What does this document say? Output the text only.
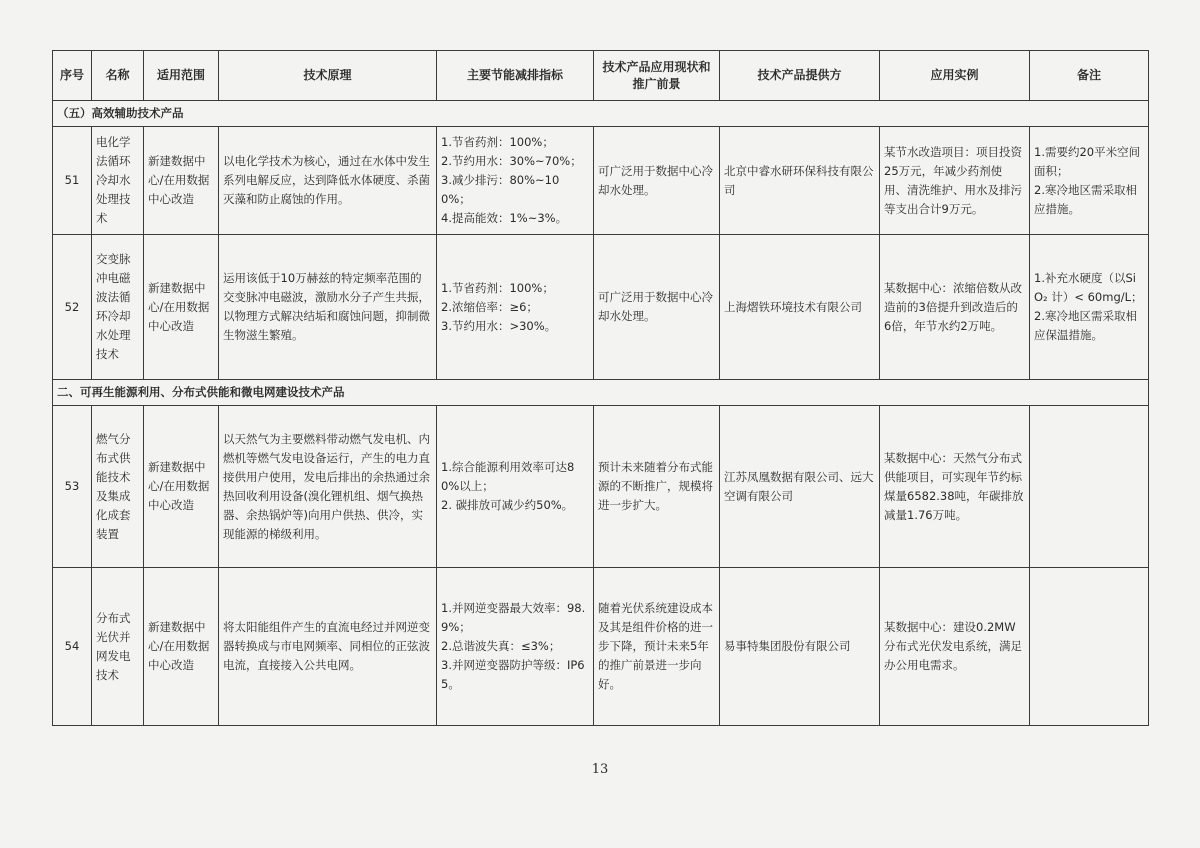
序号	名称	适用范围	技术原理	主要节能减排指标	技术产品应用现状和推广前景	技术产品提供方	应用实例	备注
（五）高效辅助技术产品								
51	电化学法循环冷却水处理技术	新建数据中心/在用数据中心改造	以电化学技术为核心，通过在水体中发生系列电解反应，达到降低水体硬度、杀菌灭藻和防止腐蚀的作用。	1.节省药剂：100%；
2.节约用水：30%~70%；
3.减少排污：80%~100%；
4.提高能效：1%~3%。	可广泛用于数据中心冷却水处理。	北京中睿水研环保科技有限公司	某节水改造项目：项目投资25万元，年减少药剂使用、清洗维护、用水及排污等支出合计9万元。	1.需要约20平米空间面积；
2.寒冷地区需采取相应措施。

52	交变脉冲电磁波法循环冷却水处理技术	新建数据中心/在用数据中心改造	运用该低于10万赫兹的特定频率范围的交变脉冲电磁波，激励水分子产生共振，以物理方式解决结垢和腐蚀问题，抑制微生物滋生繁殖。	1.节省药剂：100%；
2.浓缩倍率：≥6；
3.节约用水：>30%。	可广泛用于数据中心冷却水处理。	上海熠铁环境技术有限公司	某数据中心：浓缩倍数从改造前的3倍提升到改造后的6倍，年节水约2万吨。	1.补充水硬度（以SiO₂ 计）< 60mg/L；
2.寒冷地区需采取相应保温措施。

二、可再生能源利用、分布式供能和微电网建设技术产品								
53	燃气分布式供能技术及集成化成套装置	新建数据中心/在用数据中心改造	以天然气为主要燃料带动燃气发电机、内燃机等燃气发电设备运行，产生的电力直接供用户使用，发电后排出的余热通过余热回收利用设备(溴化锂机组、烟气换热器、余热锅炉等)向用户供热、供冷，实现能源的梯级利用。	1.综合能源利用效率可达80%以上；
2. 碳排放可减少约50%。	预计未来随着分布式能源的不断推广，规模将进一步扩大。	江苏凤凰数据有限公司、远大空调有限公司	某数据中心：天然气分布式供能项目，可实现年节约标煤量6582.38吨，年碳排放减量1.76万吨。	
54	分布式光伏并网发电技术	新建数据中心/在用数据中心改造	将太阳能组件产生的直流电经过并网逆变器转换成与市电网频率、同相位的正弦波电流，直接接入公共电网。	1.并网逆变器最大效率：98.9%；
2.总谐波失真：≤3%；
3.并网逆变器防护等级：IP65。	随着光伏系统建设成本及其是组件价格的进一步下降，预计未来5年的推广前景进一步向好。	易事特集团股份有限公司	某数据中心：建设0.2MW分布式光伏发电系统，满足办公用电需求。	
13
